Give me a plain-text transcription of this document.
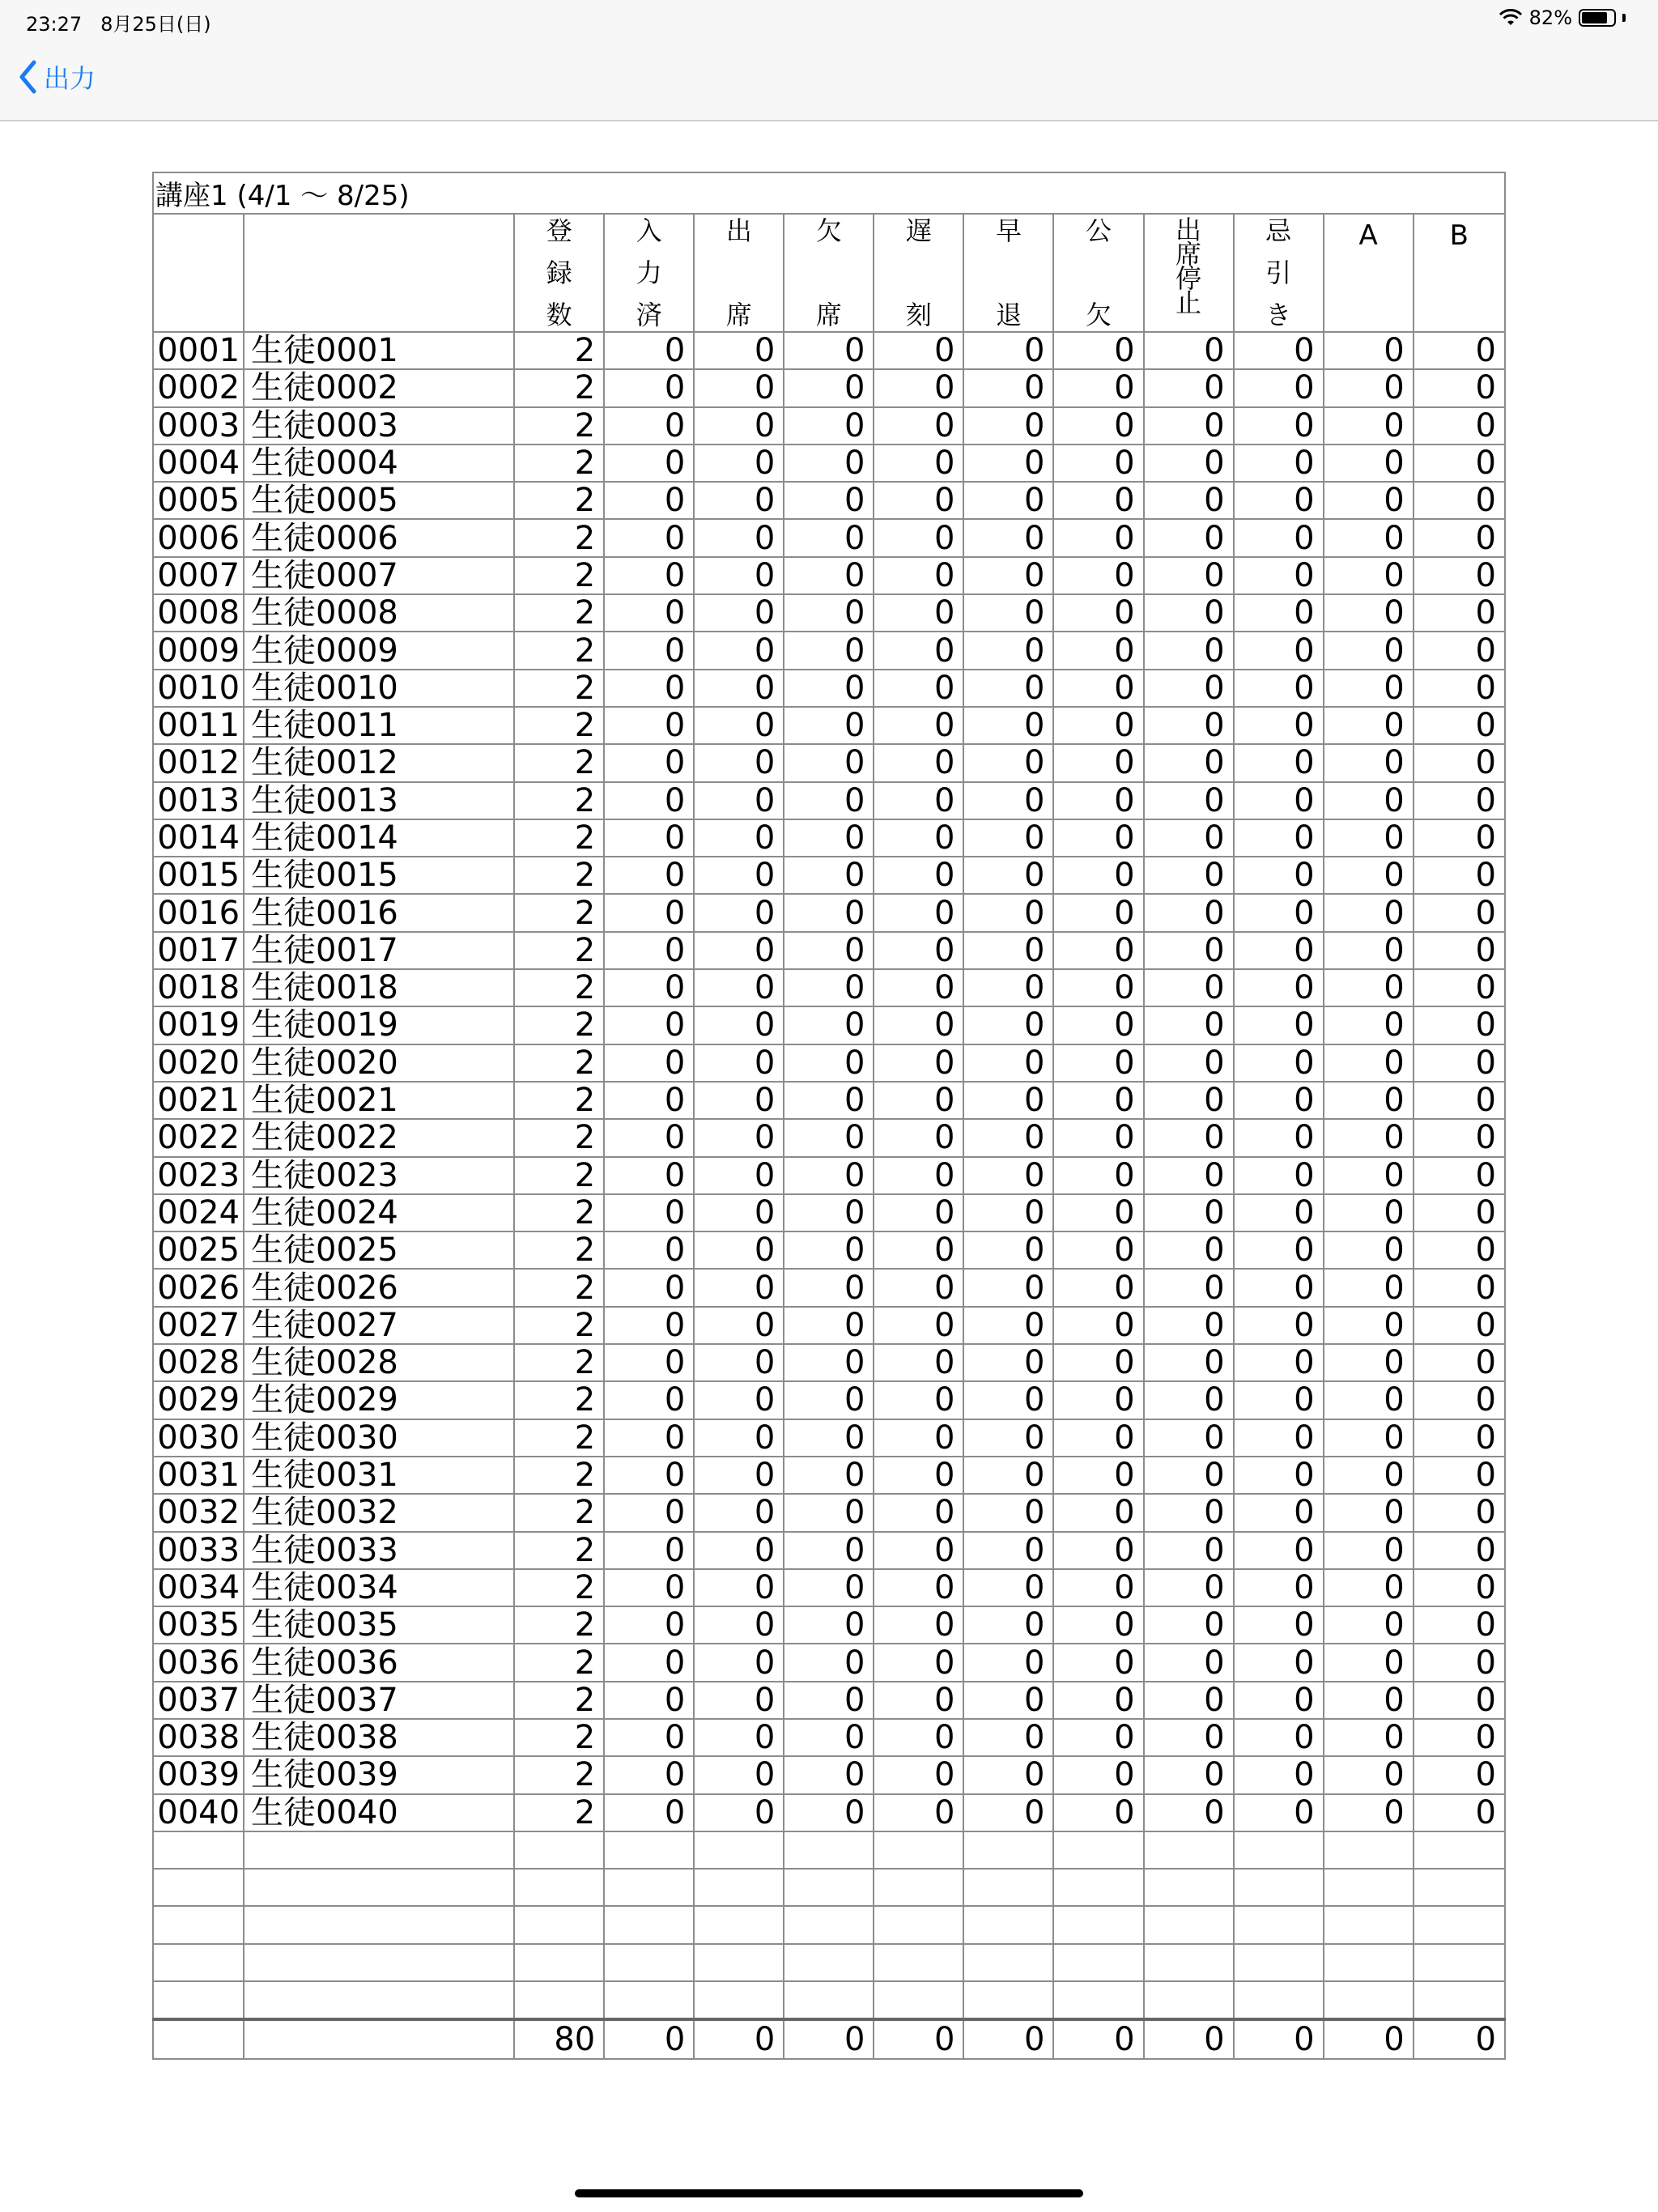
23:27 8月25日(日)	82%
出力
講座1 (4/1 〜 8/25)												

		登
録
数	入
力
済	出

席	欠

席	遅

刻	早

退	公

欠	出
席
停
止	忌
引
き	A	B

0001	生徒0001	2	0	0	0	0	0	0	0	0	0	0
0002	生徒0002	2	0	0	0	0	0	0	0	0	0	0
0003	生徒0003	2	0	0	0	0	0	0	0	0	0	0
0004	生徒0004	2	0	0	0	0	0	0	0	0	0	0
0005	生徒0005	2	0	0	0	0	0	0	0	0	0	0
0006	生徒0006	2	0	0	0	0	0	0	0	0	0	0
0007	生徒0007	2	0	0	0	0	0	0	0	0	0	0
0008	生徒0008	2	0	0	0	0	0	0	0	0	0	0
0009	生徒0009	2	0	0	0	0	0	0	0	0	0	0
0010	生徒0010	2	0	0	0	0	0	0	0	0	0	0
0011	生徒0011	2	0	0	0	0	0	0	0	0	0	0
0012	生徒0012	2	0	0	0	0	0	0	0	0	0	0
0013	生徒0013	2	0	0	0	0	0	0	0	0	0	0
0014	生徒0014	2	0	0	0	0	0	0	0	0	0	0
0015	生徒0015	2	0	0	0	0	0	0	0	0	0	0
0016	生徒0016	2	0	0	0	0	0	0	0	0	0	0
0017	生徒0017	2	0	0	0	0	0	0	0	0	0	0
0018	生徒0018	2	0	0	0	0	0	0	0	0	0	0
0019	生徒0019	2	0	0	0	0	0	0	0	0	0	0
0020	生徒0020	2	0	0	0	0	0	0	0	0	0	0
0021	生徒0021	2	0	0	0	0	0	0	0	0	0	0
0022	生徒0022	2	0	0	0	0	0	0	0	0	0	0
0023	生徒0023	2	0	0	0	0	0	0	0	0	0	0
0024	生徒0024	2	0	0	0	0	0	0	0	0	0	0
0025	生徒0025	2	0	0	0	0	0	0	0	0	0	0
0026	生徒0026	2	0	0	0	0	0	0	0	0	0	0
0027	生徒0027	2	0	0	0	0	0	0	0	0	0	0
0028	生徒0028	2	0	0	0	0	0	0	0	0	0	0
0029	生徒0029	2	0	0	0	0	0	0	0	0	0	0
0030	生徒0030	2	0	0	0	0	0	0	0	0	0	0
0031	生徒0031	2	0	0	0	0	0	0	0	0	0	0
0032	生徒0032	2	0	0	0	0	0	0	0	0	0	0
0033	生徒0033	2	0	0	0	0	0	0	0	0	0	0
0034	生徒0034	2	0	0	0	0	0	0	0	0	0	0
0035	生徒0035	2	0	0	0	0	0	0	0	0	0	0
0036	生徒0036	2	0	0	0	0	0	0	0	0	0	0
0037	生徒0037	2	0	0	0	0	0	0	0	0	0	0
0038	生徒0038	2	0	0	0	0	0	0	0	0	0	0
0039	生徒0039	2	0	0	0	0	0	0	0	0	0	0
0040	生徒0040	2	0	0	0	0	0	0	0	0	0	0

		80	0	0	0	0	0	0	0	0	0	0
